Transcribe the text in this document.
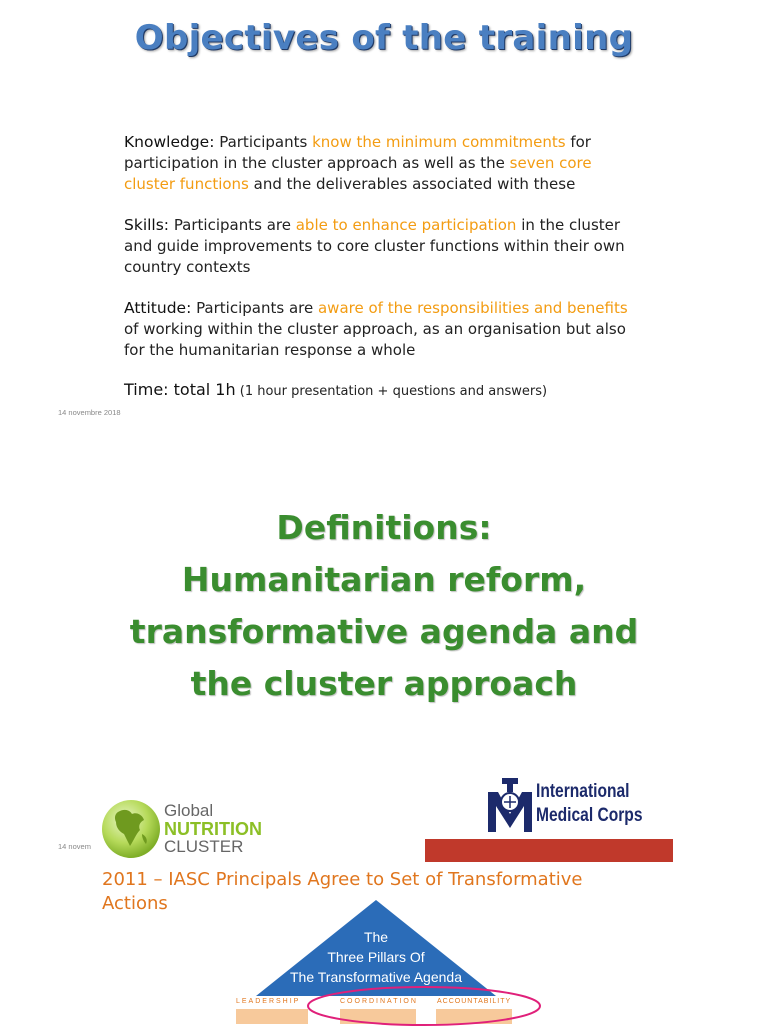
Objectives of the training

Knowledge: Participants know the minimum commitments for participation in the cluster approach as well as the seven core cluster functions and the deliverables associated with these

Skills: Participants are able to enhance participation in the cluster and guide improvements to core cluster functions within their own country contexts

Attitude: Participants are aware of the responsibilities and benefits of working within the cluster approach, as an organisation but also for the humanitarian response a whole

Time: total 1h (1 hour presentation + questions and answers)
14 novembre 2018
Definitions:
Humanitarian reform,
transformative agenda and
the cluster approach
Global
NUTRITION
CLUSTER
14 novem
International
Medical Corps
2011 – IASC Principals Agree to Set of Transformative Actions
The
Three Pillars Of
The Transformative Agenda
LEADERSHIP	COORDINATION	ACCOUNTABILITY
